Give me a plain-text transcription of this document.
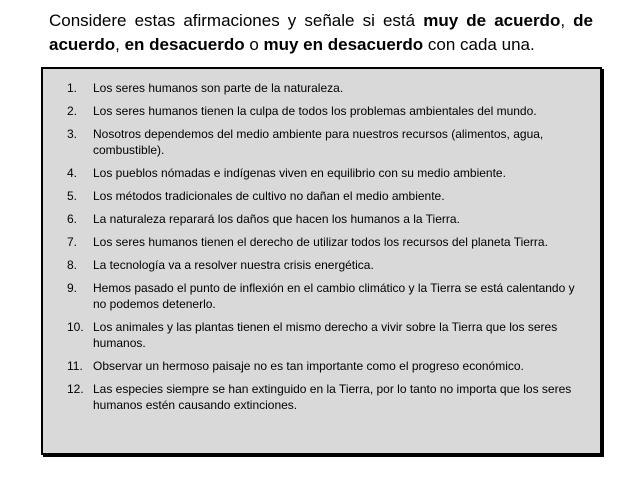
Considere estas afirmaciones y señale si está muy de acuerdo, de acuerdo, en desacuerdo o muy en desacuerdo con cada una.

1.	Los seres humanos son parte de la naturaleza.
2.	Los seres humanos tienen la culpa de todos los problemas ambientales del mundo.
3.	Nosotros dependemos del medio ambiente para nuestros recursos (alimentos, agua, combustible).
4.	Los pueblos nómadas e indígenas viven en equilibrio con su medio ambiente.
5.	Los métodos tradicionales de cultivo no dañan el medio ambiente.
6.	La naturaleza reparará los daños que hacen los humanos a la Tierra.
7.	Los seres humanos tienen el derecho de utilizar todos los recursos del planeta Tierra.
8.	La tecnología va a resolver nuestra crisis energética.
9.	Hemos pasado el punto de inflexión en el cambio climático y la Tierra se está calentando y no podemos detenerlo.
10. Los animales y las plantas tienen el mismo derecho a vivir sobre la Tierra que los seres humanos.
11. Observar un hermoso paisaje no es tan importante como el progreso económico.
12. Las especies siempre se han extinguido en la Tierra, por lo tanto no importa que los seres humanos estén causando extinciones.
